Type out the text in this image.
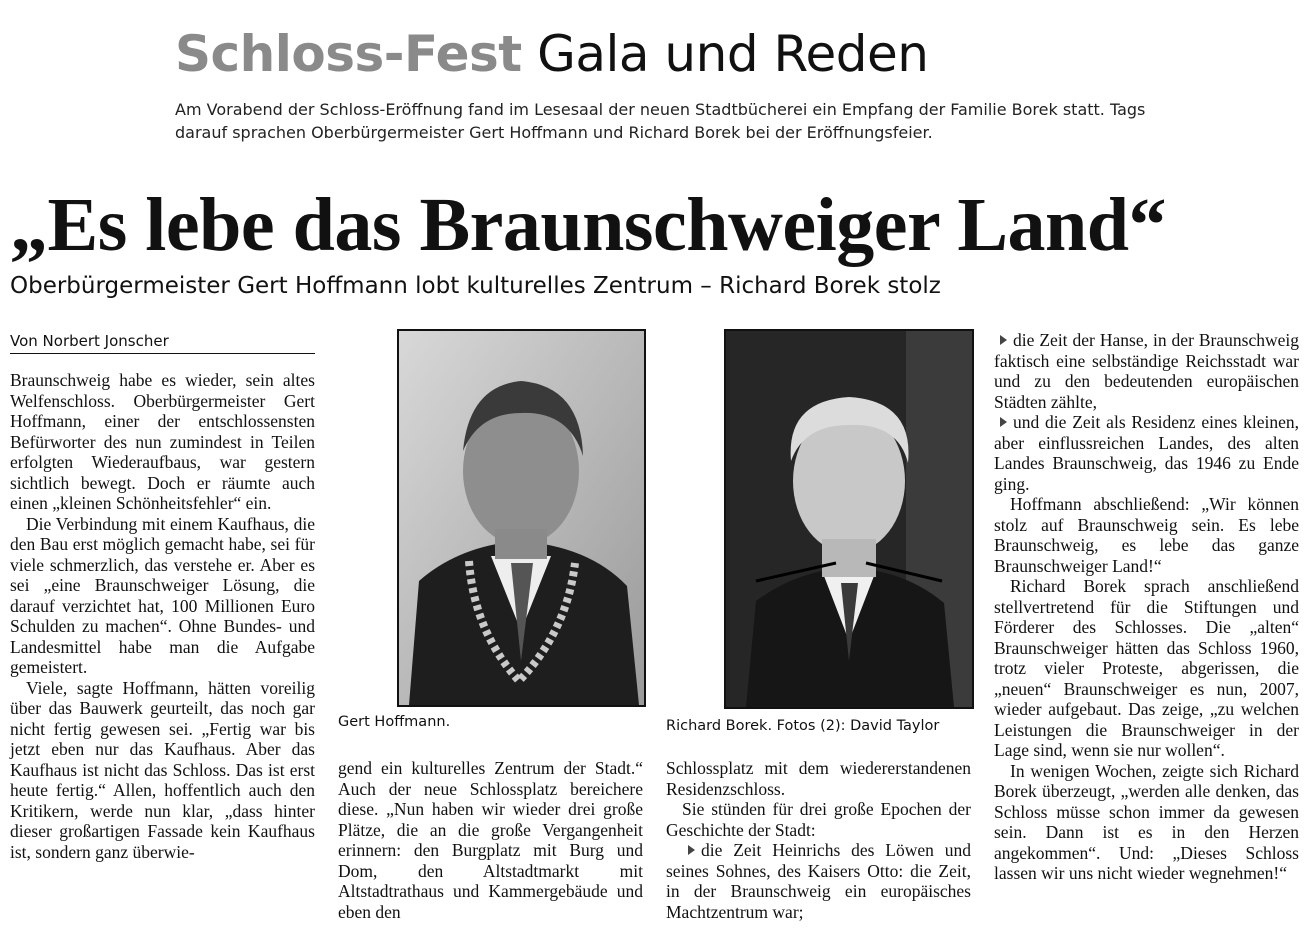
Schloss-Fest Gala und Reden
Am Vorabend der Schloss-Eröffnung fand im Lesesaal der neuen Stadtbücherei ein Empfang der Familie Borek statt. Tags darauf sprachen Oberbürgermeister Gert Hoffmann und Richard Borek bei der Eröffnungsfeier.
„Es lebe das Braunschweiger Land“
Oberbürgermeister Gert Hoffmann lobt kulturelles Zentrum – Richard Borek stolz
Von Norbert Jonscher

Braunschweig habe es wieder, sein altes Welfenschloss. Oberbürgermeister Gert Hoffmann, einer der entschlossensten Befürworter des nun zumindest in Teilen erfolgten Wiederaufbaus, war gestern sichtlich bewegt. Doch er räumte auch einen „kleinen Schönheitsfehler“ ein.

Die Verbindung mit einem Kaufhaus, die den Bau erst möglich gemacht habe, sei für viele schmerzlich, das verstehe er. Aber es sei „eine Braunschweiger Lösung, die darauf verzichtet hat, 100 Millionen Euro Schulden zu machen“. Ohne Bundes- und Landesmittel habe man die Aufgabe gemeistert.

Viele, sagte Hoffmann, hätten voreilig über das Bauwerk geurteilt, das noch gar nicht fertig gewesen sei. „Fertig war bis jetzt eben nur das Kaufhaus. Aber das Kaufhaus ist nicht das Schloss. Das ist erst heute fertig.“ Allen, hoffentlich auch den Kritikern, werde nun klar, „dass hinter dieser großartigen Fassade kein Kaufhaus ist, sondern ganz überwie-

Gert Hoffmann.

gend ein kulturelles Zentrum der Stadt.“ Auch der neue Schlossplatz bereichere diese. „Nun haben wir wieder drei große Plätze, die an die große Vergangenheit erinnern: den Burgplatz mit Burg und Dom, den Altstadtmarkt mit Altstadtrathaus und Kammergebäude und eben den

Richard Borek. Fotos (2): David Taylor

Schlossplatz mit dem wiedererstandenen Residenzschloss.

Sie stünden für drei große Epochen der Geschichte der Stadt:

die Zeit Heinrichs des Löwen und seines Sohnes, des Kaisers Otto: die Zeit, in der Braunschweig ein europäisches Machtzentrum war;

die Zeit der Hanse, in der Braunschweig faktisch eine selbständige Reichsstadt war und zu den bedeutenden europäischen Städten zählte,

und die Zeit als Residenz eines kleinen, aber einflussreichen Landes, des alten Landes Braunschweig, das 1946 zu Ende ging.

Hoffmann abschließend: „Wir können stolz auf Braunschweig sein. Es lebe Braunschweig, es lebe das ganze Braunschweiger Land!“

Richard Borek sprach anschließend stellvertretend für die Stiftungen und Förderer des Schlosses. Die „alten“ Braunschweiger hätten das Schloss 1960, trotz vieler Proteste, abgerissen, die „neuen“ Braunschweiger es nun, 2007, wieder aufgebaut. Das zeige, „zu welchen Leistungen die Braunschweiger in der Lage sind, wenn sie nur wollen“.

In wenigen Wochen, zeigte sich Richard Borek überzeugt, „werden alle denken, das Schloss müsse schon immer da gewesen sein. Dann ist es in den Herzen angekommen“. Und: „Dieses Schloss lassen wir uns nicht wieder wegnehmen!“
